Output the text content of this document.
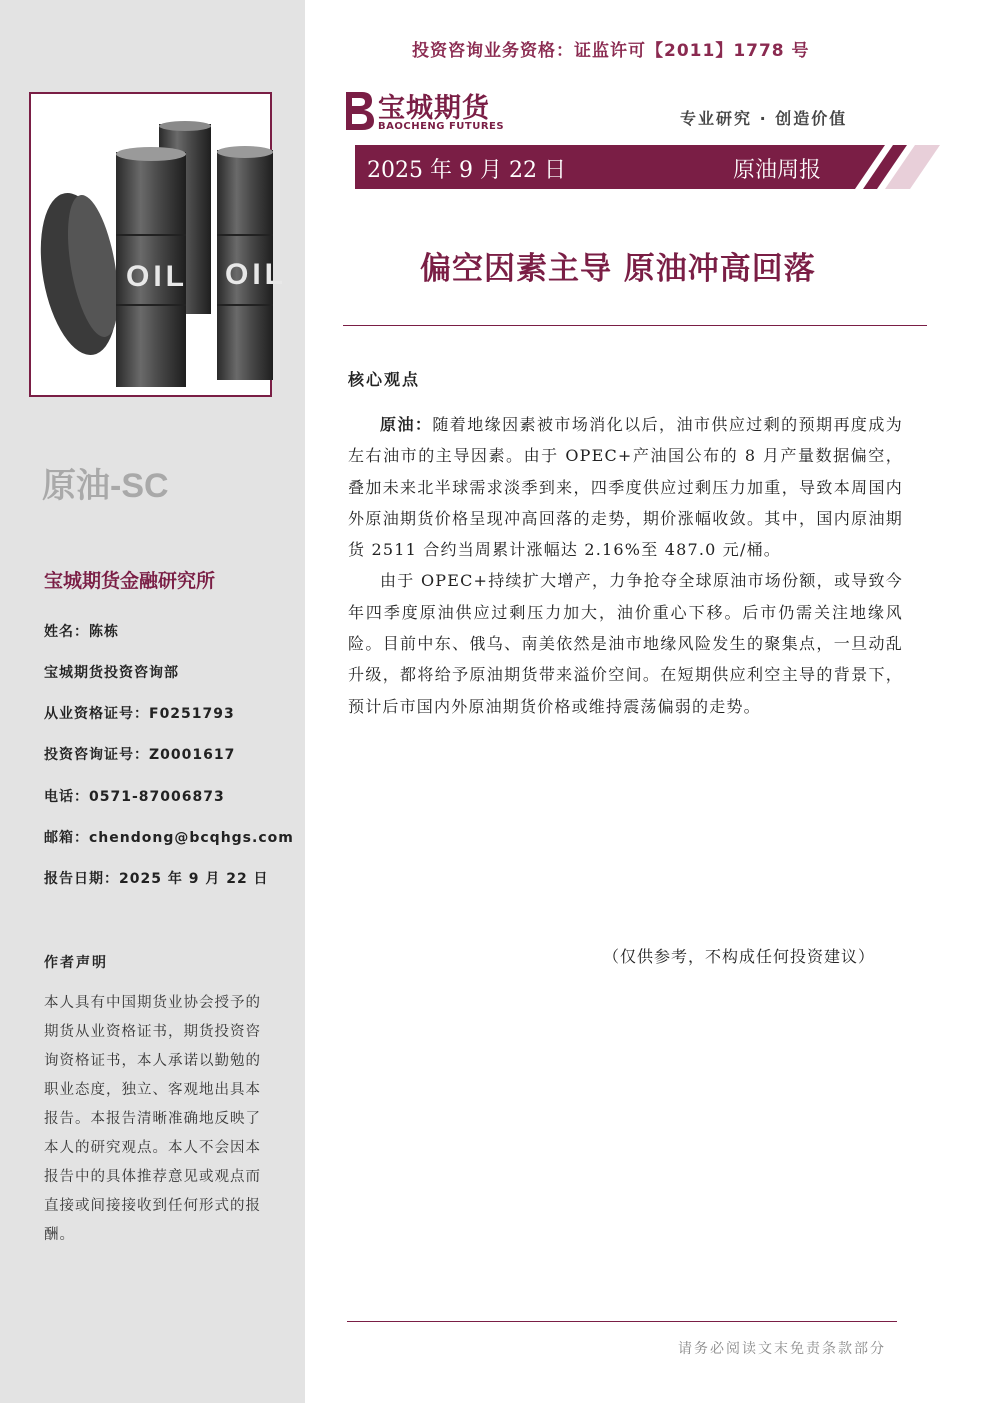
OIL OIL
原油-SC
宝城期货金融研究所
姓名：陈栋
宝城期货投资咨询部
从业资格证号：F0251793
投资咨询证号：Z0001617
电话：0571-87006873
邮箱：chendong@bcqhgs.com
报告日期：2025 年 9 月 22 日
作者声明
本人具有中国期货业协会授予的期货从业资格证书，期货投资咨询资格证书，本人承诺以勤勉的职业态度，独立、客观地出具本报告。本报告清晰准确地反映了本人的研究观点。本人不会因本报告中的具体推荐意见或观点而直接或间接接收到任何形式的报酬。
投资咨询业务资格：证监许可【2011】1778 号
宝城期货
BAOCHENG FUTURES	专业研究 · 创造价值
2025 年 9 月 22 日	原油周报
偏空因素主导 原油冲高回落
核心观点

原油：随着地缘因素被市场消化以后，油市供应过剩的预期再度成为左右油市的主导因素。由于 OPEC+产油国公布的 8 月产量数据偏空，叠加未来北半球需求淡季到来，四季度供应过剩压力加重，导致本周国内外原油期货价格呈现冲高回落的走势，期价涨幅收敛。其中，国内原油期货 2511 合约当周累计涨幅达 2.16%至 487.0 元/桶。

由于 OPEC+持续扩大增产，力争抢夺全球原油市场份额，或导致今年四季度原油供应过剩压力加大，油价重心下移。后市仍需关注地缘风险。目前中东、俄乌、南美依然是油市地缘风险发生的聚集点，一旦动乱升级，都将给予原油期货带来溢价空间。在短期供应利空主导的背景下，预计后市国内外原油期货价格或维持震荡偏弱的走势。

（仅供参考，不构成任何投资建议）
请务必阅读文末免责条款部分
